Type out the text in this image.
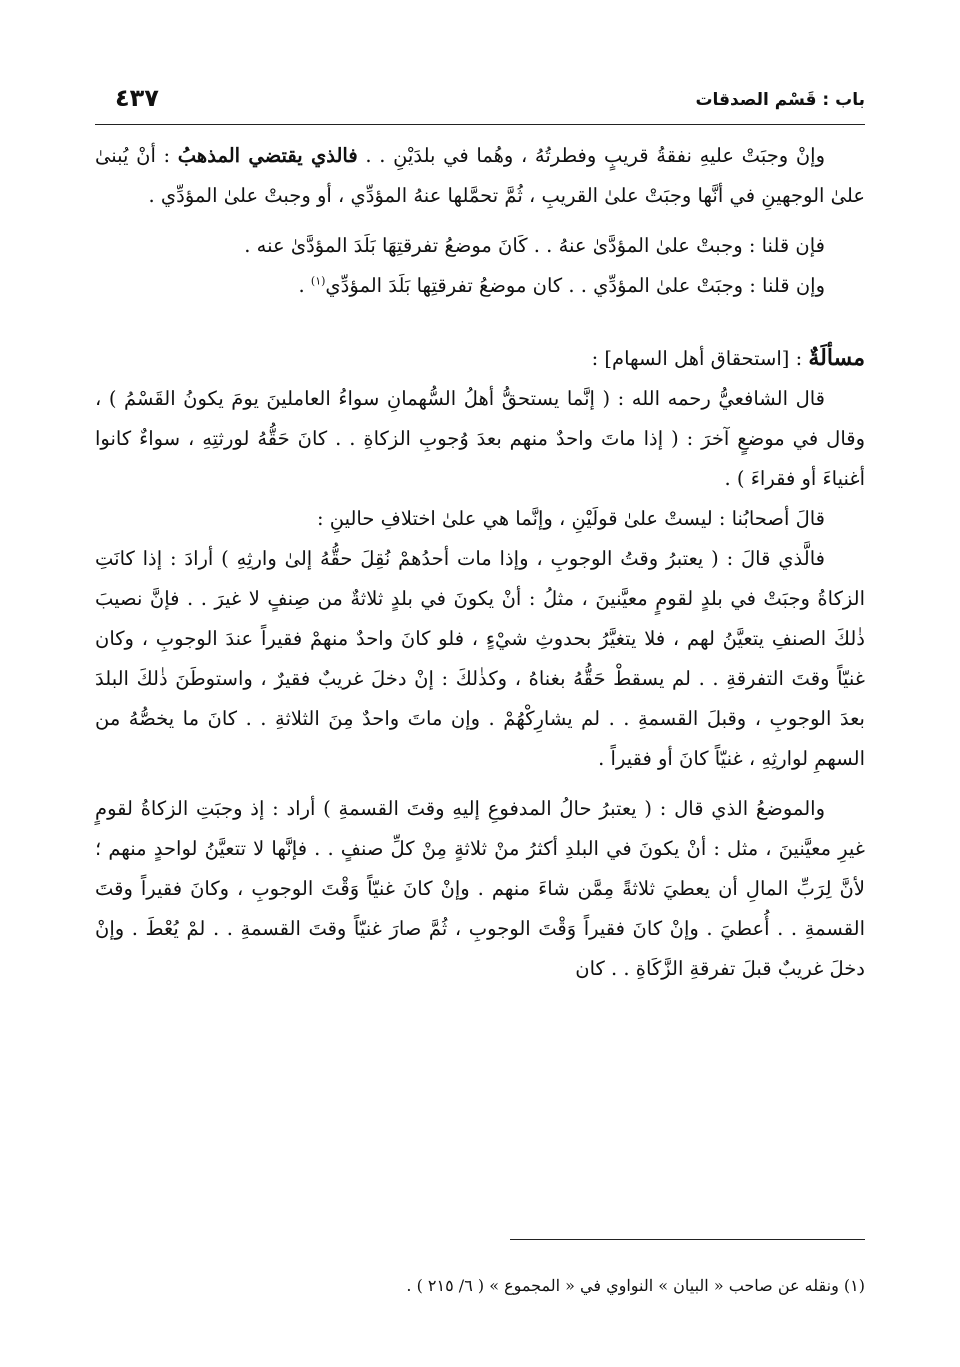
باب : قَسْم الصدقات
٤٣٧

وإنْ وجبَتْ عليهِ نفقةُ قريبٍ وفطرتُهُ ، وهُما في بلدَيْنِ . . فالذي يقتضي المذهبُ : أنْ يُبنىٰ علىٰ الوجهينِ في أنَّها وجبَتْ علىٰ القريبِ ، ثُمَّ تحمَّلها عنهُ المؤدِّي ، أو وجبتْ علىٰ المؤدِّي .

فإن قلنا : وجبتْ علىٰ المؤدَّىٰ عنهُ . . كَانَ موضعُ تفرقتِهَا بَلَدَ المؤدَّىٰ عنه .

وإن قلنا : وجبَتْ علىٰ المؤدِّي . . كان موضعُ تفرقتِها بَلَدَ المؤدِّي$^{(١)}$ .

مسألَةٌ : [استحقاق أهل السهام] :

قال الشافعيُّ رحمه الله : ( إنَّما يستحقُّ أهلُ السُّهمانِ سواءُ العاملينَ يومَ يكونُ القَسْمُ ) ، وقال في موضعٍ آخرَ : ( إذا ماتَ واحدٌ منهم بعدَ وُجوبِ الزكاةِ . . كانَ حَقُّهُ لورثتِهِ ، سواءٌ كانوا أغنياءَ أو فقراءَ ) .

قالَ أصحابُنا : ليستْ علىٰ قولَيْنِ ، وإنَّما هي علىٰ اختلافِ حالينِ :

فالَّذي قالَ : ( يعتبرُ وقتُ الوجوبِ ، وإذا مات أحدُهمْ نُقِلَ حقُّهُ إلىٰ وارثِهِ ) أرادَ : إذا كانَتِ الزكاةُ وجبَتْ في بلدٍ لقومٍ معيَّنينَ ، مثلُ : أنْ يكونَ في بلدٍ ثلاثةٌ من صِنفٍ لا غيرَ . . فإنَّ نصيبَ ذٰلكَ الصنفِ يتعيَّنُ لهم ، فلا يتغيَّرُ بحدوثِ شيْءٍ ، فلو كانَ واحدٌ منهمْ فقيراً عندَ الوجوبِ ، وكان غنيّاً وقتَ التفرقةِ . . لم يسقطْ حَقُّهُ بغناهُ ، وكذٰلكَ : إنْ دخلَ غريبٌ فقيرٌ ، واستوطَنَ ذٰلكَ البلدَ بعدَ الوجوبِ ، وقبلَ القسمةِ . . لم يشارِكْهُمْ . وإن ماتَ واحدٌ مِنَ الثلاثةِ . . كانَ ما يخصُّهُ من السهمِ لوارثِهِ ، غنيّاً كانَ أو فقيراً .

والموضعُ الذي قال : ( يعتبرُ حالُ المدفوعِ إليهِ وقتَ القسمةِ ) أراد : إذ وجبَتِ الزكاةُ لقومٍ غيرِ معيَّنينَ ، مثل : أنْ يكونَ في البلدِ أكثرُ منْ ثلاثةٍ مِنْ كلِّ صنفٍ . . فإنَّها لا تتعيَّنُ لواحدٍ منهم ؛ لأنَّ لِرَبِّ المالِ أن يعطيَ ثلاثةً مِمَّن شاءَ منهم . وإنْ كانَ غنيّاً وَقْتَ الوجوبِ ، وكانَ فقيراً وقتَ القسمةِ . . أُعطيَ . وإنْ كانَ فقيراً وَقْتَ الوجوبِ ، ثُمَّ صارَ غنيّاً وقتَ القسمةِ . . لمْ يُعْطَ . وإنْ دخلَ غريبٌ قبلَ تفرقةِ الزَّكَاةِ . . كان

(١) ونقله عن صاحب « البيان » النواوي في « المجموع » ( ٦/ ٢١٥ ) .
